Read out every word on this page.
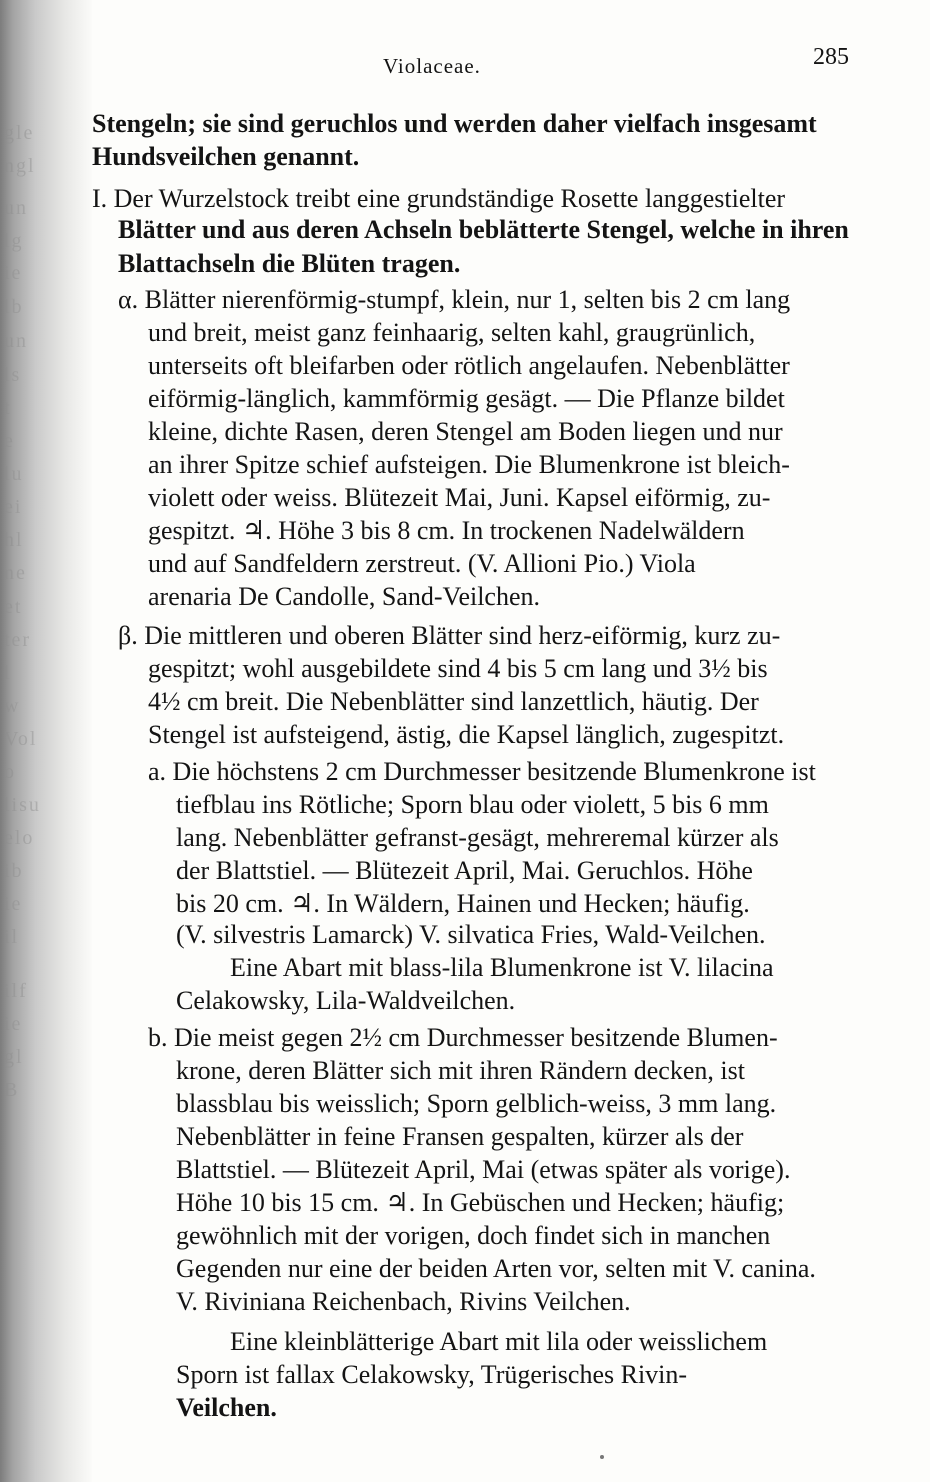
gle
ngl
un
lg
ie
lb
un
ls
t
e
lu
ei
hl
ne
et
ter
l
w
Vol
o
lisu
elo
ib
ie
il
ilf
ie
gl
B
Violaceae.	285
Stengeln; sie sind geruchlos und werden daher vielfach insgesamt
Hundsveilchen genannt.
I. Der Wurzelstock treibt eine grundständige Rosette langgestielter
Blätter und aus deren Achseln beblätterte Stengel, welche in ihren
Blattachseln die Blüten tragen.
α. Blätter nierenförmig-stumpf, klein, nur 1, selten bis 2 cm lang
und breit, meist ganz feinhaarig, selten kahl, graugrünlich,
unterseits oft bleifarben oder rötlich angelaufen. Nebenblätter
eiförmig-länglich, kammförmig gesägt. — Die Pflanze bildet
kleine, dichte Rasen, deren Stengel am Boden liegen und nur
an ihrer Spitze schief aufsteigen. Die Blumenkrone ist bleich-
violett oder weiss. Blütezeit Mai, Juni. Kapsel eiförmig, zu-
gespitzt. ♃. Höhe 3 bis 8 cm. In trockenen Nadelwäldern
und auf Sandfeldern zerstreut. (V. Allioni Pio.) Viola
arenaria De Candolle, Sand-Veilchen.
β. Die mittleren und oberen Blätter sind herz-eiförmig, kurz zu-
gespitzt; wohl ausgebildete sind 4 bis 5 cm lang und 3½ bis
4½ cm breit. Die Nebenblätter sind lanzettlich, häutig. Der
Stengel ist aufsteigend, ästig, die Kapsel länglich, zugespitzt.
a. Die höchstens 2 cm Durchmesser besitzende Blumenkrone ist
tiefblau ins Rötliche; Sporn blau oder violett, 5 bis 6 mm
lang. Nebenblätter gefranst-gesägt, mehreremal kürzer als
der Blattstiel. — Blütezeit April, Mai. Geruchlos. Höhe
bis 20 cm. ♃. In Wäldern, Hainen und Hecken; häufig.
(V. silvestris Lamarck) V. silvatica Fries, Wald-Veilchen.
Eine Abart mit blass-lila Blumenkrone ist V. lilacina
Celakowsky, Lila-Waldveilchen.
b. Die meist gegen 2½ cm Durchmesser besitzende Blumen-
krone, deren Blätter sich mit ihren Rändern decken, ist
blassblau bis weisslich; Sporn gelblich-weiss, 3 mm lang.
Nebenblätter in feine Fransen gespalten, kürzer als der
Blattstiel. — Blütezeit April, Mai (etwas später als vorige).
Höhe 10 bis 15 cm. ♃. In Gebüschen und Hecken; häufig;
gewöhnlich mit der vorigen, doch findet sich in manchen
Gegenden nur eine der beiden Arten vor, selten mit V. canina.
V. Riviniana Reichenbach, Rivins Veilchen.
Eine kleinblätterige Abart mit lila oder weisslichem
Sporn ist fallax Celakowsky, Trügerisches Rivin-
Veilchen.
